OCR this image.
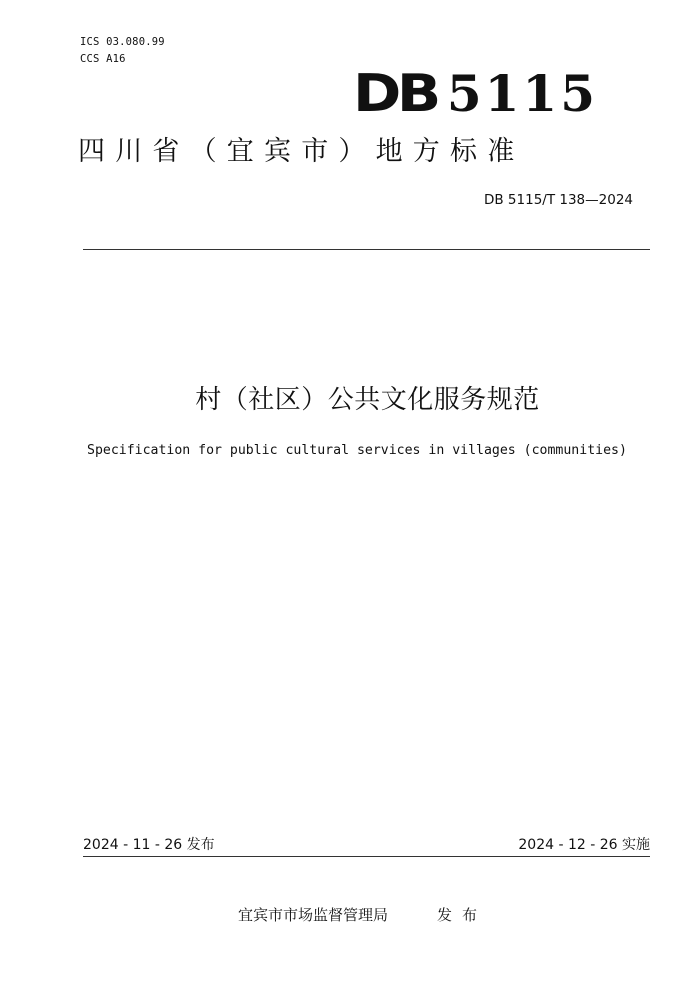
ICS 03.080.99
CCS A16
DB 5115
四川省（宜宾市）地方标准
DB 5115/T 138—2024
村（社区）公共文化服务规范
Specification for public cultural services in villages (communities)
2024 - 11 - 26 发布	2024 - 12 - 26 实施
宜宾市市场监督管理局	发布
